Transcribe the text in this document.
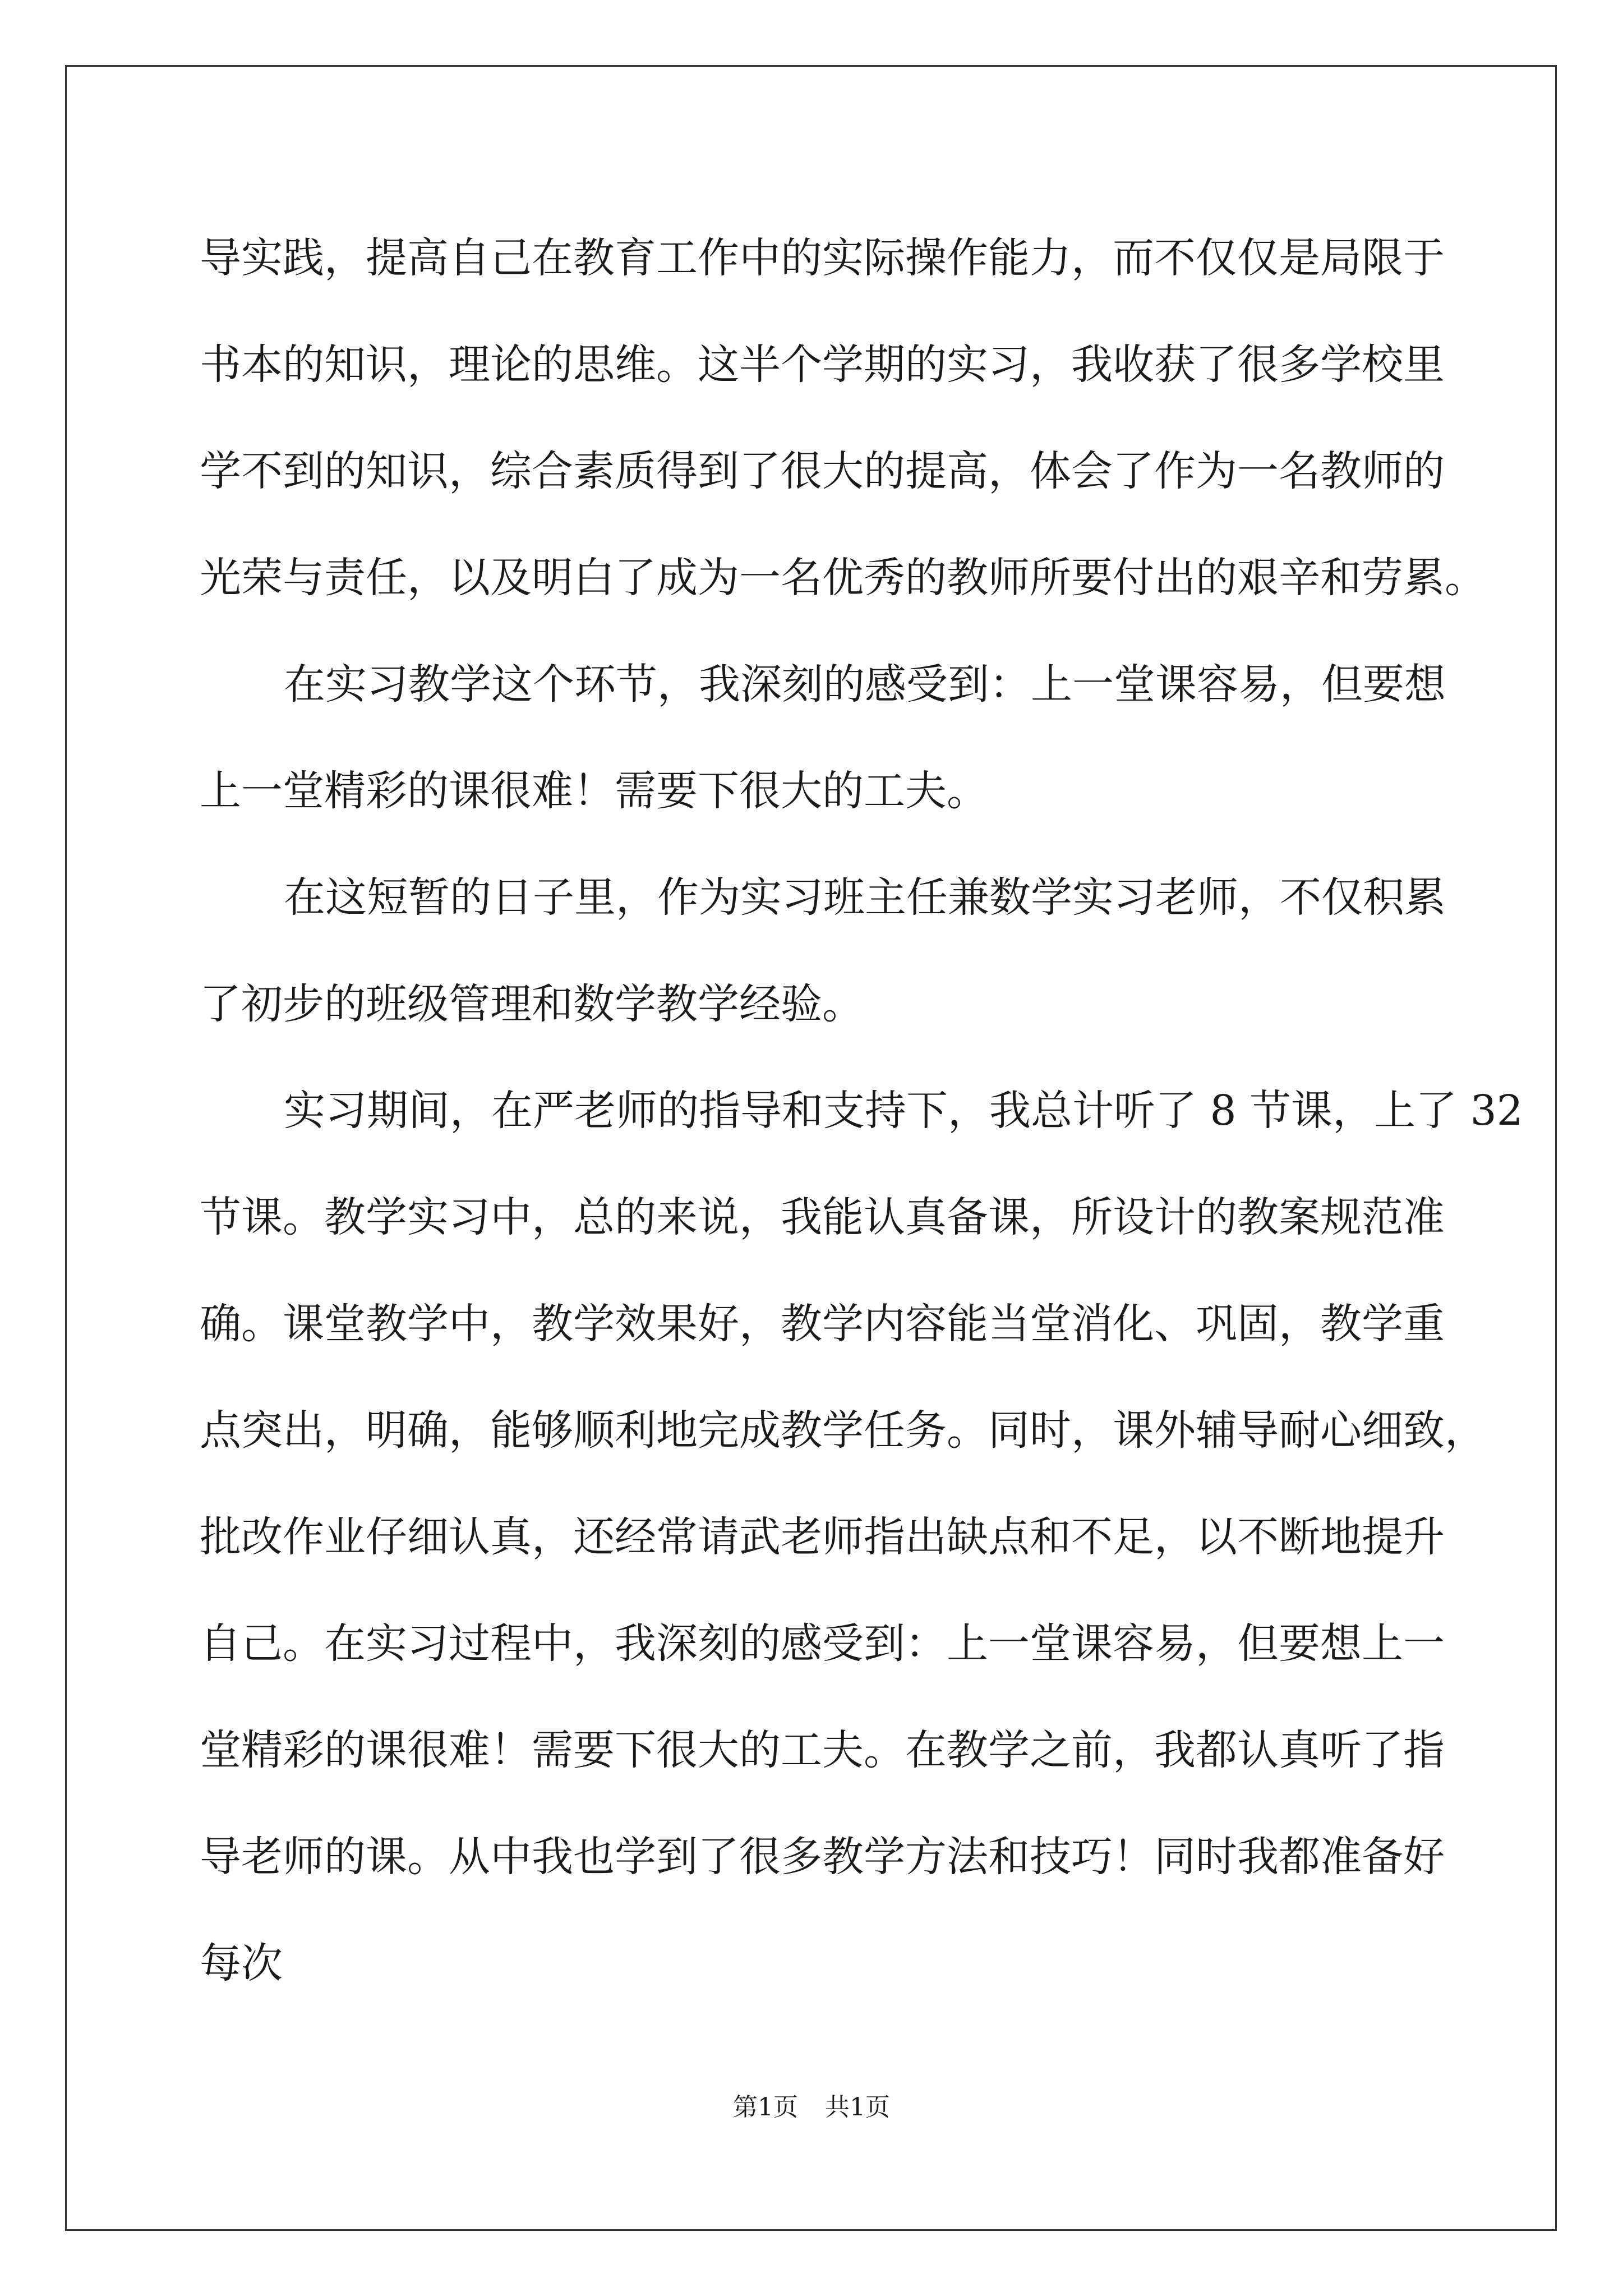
导实践，提高自己在教育工作中的实际操作能力，而不仅仅是局限于
书本的知识，理论的思维。这半个学期的实习，我收获了很多学校里
学不到的知识，综合素质得到了很大的提高，体会了作为一名教师的
光荣与责任，以及明白了成为一名优秀的教师所要付出的艰辛和劳累。
在实习教学这个环节，我深刻的感受到：上一堂课容易，但要想
上一堂精彩的课很难！需要下很大的工夫。
在这短暂的日子里，作为实习班主任兼数学实习老师，不仅积累
了初步的班级管理和数学教学经验。
实习期间，在严老师的指导和支持下，我总计听了 8 节课，上了 32
节课。教学实习中，总的来说，我能认真备课，所设计的教案规范准
确。课堂教学中，教学效果好，教学内容能当堂消化、巩固，教学重
点突出，明确，能够顺利地完成教学任务。同时，课外辅导耐心细致，
批改作业仔细认真，还经常请武老师指出缺点和不足，以不断地提升
自己。在实习过程中，我深刻的感受到：上一堂课容易，但要想上一
堂精彩的课很难！需要下很大的工夫。在教学之前，我都认真听了指
导老师的课。从中我也学到了很多教学方法和技巧！同时我都准备好
每次
第1页 共1页
